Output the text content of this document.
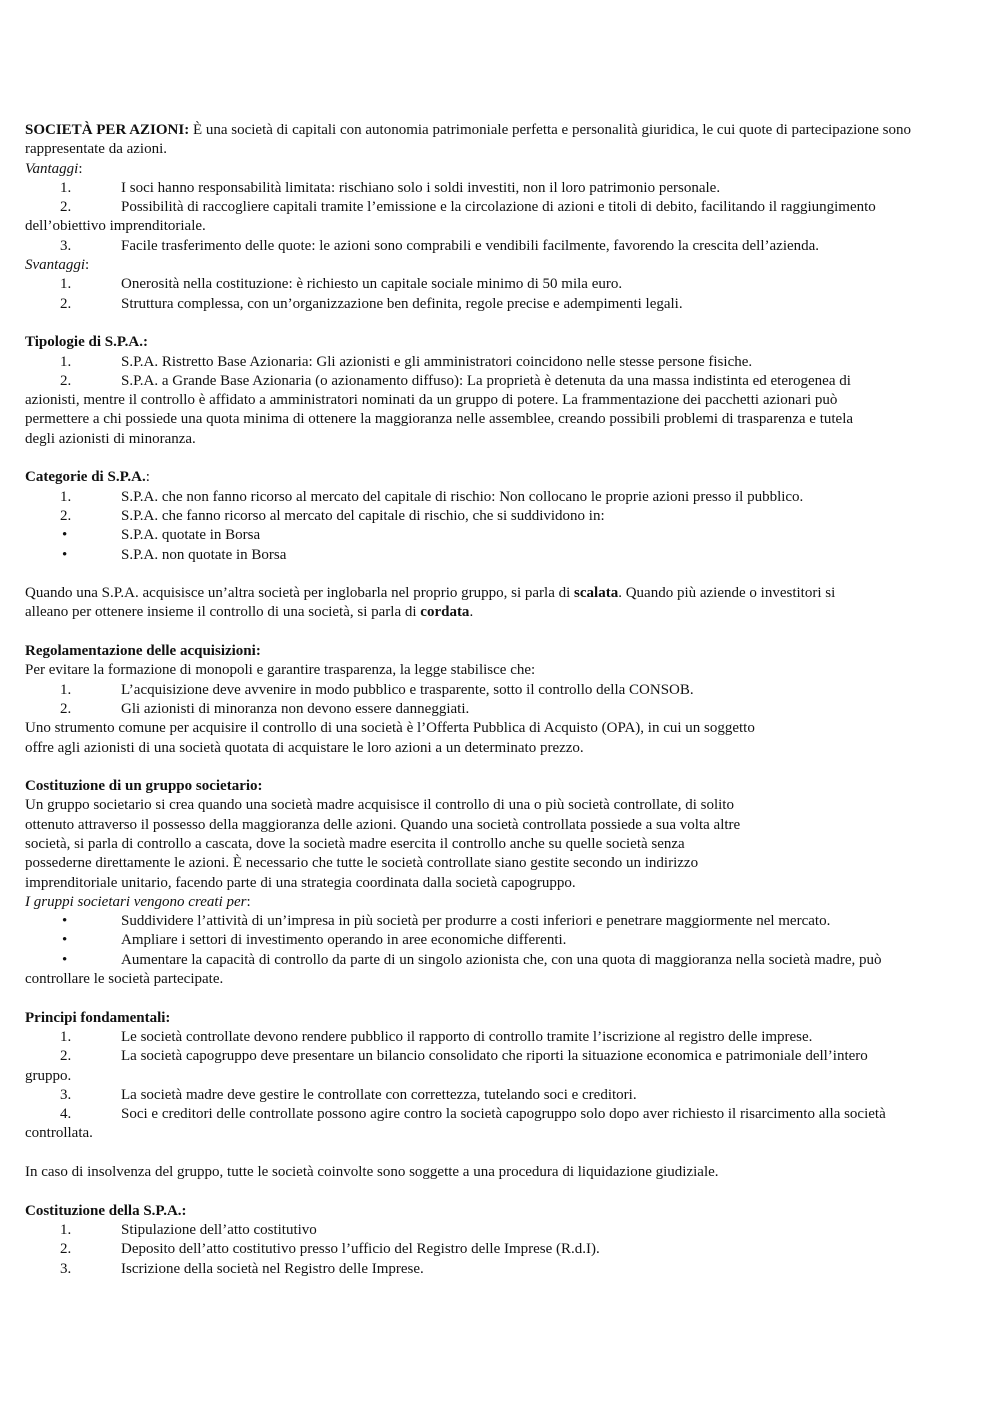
SOCIETÀ PER AZIONI: È una società di capitali con autonomia patrimoniale perfetta e personalità giuridica, le cui quote di partecipazione sono rappresentate da azioni.

Vantaggi:

1.	I soci hanno responsabilità limitata: rischiano solo i soldi investiti, non il loro patrimonio personale.

2.	Possibilità di raccogliere capitali tramite l’emissione e la circolazione di azioni e titoli di debito, facilitando il raggiungimento
dell’obiettivo imprenditoriale.

3.	Facile trasferimento delle quote: le azioni sono comprabili e vendibili facilmente, favorendo la crescita dell’azienda.

Svantaggi:

1.	Onerosità nella costituzione: è richiesto un capitale sociale minimo di 50 mila euro.

2.	Struttura complessa, con un’organizzazione ben definita, regole precise e adempimenti legali.

Tipologie di S.P.A.:

1.	S.P.A. Ristretto Base Azionaria: Gli azionisti e gli amministratori coincidono nelle stesse persone fisiche.

2.	S.P.A. a Grande Base Azionaria (o azionamento diffuso): La proprietà è detenuta da una massa indistinta ed eterogenea di
azionisti, mentre il controllo è affidato a amministratori nominati da un gruppo di potere. La frammentazione dei pacchetti azionari può
permettere a chi possiede una quota minima di ottenere la maggioranza nelle assemblee, creando possibili problemi di trasparenza e tutela
degli azionisti di minoranza.

Categorie di S.P.A.:

1.	S.P.A. che non fanno ricorso al mercato del capitale di rischio: Non collocano le proprie azioni presso il pubblico.

2.	S.P.A. che fanno ricorso al mercato del capitale di rischio, che si suddividono in:

•	S.P.A. quotate in Borsa

•	S.P.A. non quotate in Borsa

Quando una S.P.A. acquisisce un’altra società per inglobarla nel proprio gruppo, si parla di scalata. Quando più aziende o investitori si
alleano per ottenere insieme il controllo di una società, si parla di cordata.

Regolamentazione delle acquisizioni:

Per evitare la formazione di monopoli e garantire trasparenza, la legge stabilisce che:

1.	L’acquisizione deve avvenire in modo pubblico e trasparente, sotto il controllo della CONSOB.

2.	Gli azionisti di minoranza non devono essere danneggiati.

Uno strumento comune per acquisire il controllo di una società è l’Offerta Pubblica di Acquisto (OPA), in cui un soggetto
offre agli azionisti di una società quotata di acquistare le loro azioni a un determinato prezzo.

Costituzione di un gruppo societario:

Un gruppo societario si crea quando una società madre acquisisce il controllo di una o più società controllate, di solito
ottenuto attraverso il possesso della maggioranza delle azioni. Quando una società controllata possiede a sua volta altre
società, si parla di controllo a cascata, dove la società madre esercita il controllo anche su quelle società senza
possederne direttamente le azioni. È necessario che tutte le società controllate siano gestite secondo un indirizzo
imprenditoriale unitario, facendo parte di una strategia coordinata dalla società capogruppo.

I gruppi societari vengono creati per:

•	Suddividere l’attività di un’impresa in più società per produrre a costi inferiori e penetrare maggiormente nel mercato.

•	Ampliare i settori di investimento operando in aree economiche differenti.

•	Aumentare la capacità di controllo da parte di un singolo azionista che, con una quota di maggioranza nella società madre, può
controllare le società partecipate.

Principi fondamentali:

1.	Le società controllate devono rendere pubblico il rapporto di controllo tramite l’iscrizione al registro delle imprese.

2.	La società capogruppo deve presentare un bilancio consolidato che riporti la situazione economica e patrimoniale dell’intero
gruppo.

3.	La società madre deve gestire le controllate con correttezza, tutelando soci e creditori.

4.	Soci e creditori delle controllate possono agire contro la società capogruppo solo dopo aver richiesto il risarcimento alla società
controllata.

In caso di insolvenza del gruppo, tutte le società coinvolte sono soggette a una procedura di liquidazione giudiziale.

Costituzione della S.P.A.:

1.	Stipulazione dell’atto costitutivo

2.	Deposito dell’atto costitutivo presso l’ufficio del Registro delle Imprese (R.d.I).

3.	Iscrizione della società nel Registro delle Imprese.
